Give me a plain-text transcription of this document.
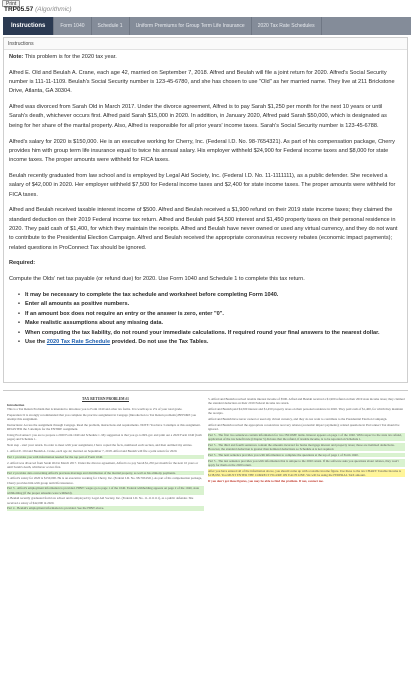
Print
TRP05.57 (Algorithmic)
Instructions	Form 1040	Schedule 1	Uniform Premiums for Group Term Life Insurance	2020 Tax Rate Schedules
Instructions

Note: This problem is for the 2020 tax year.

Alfred E. Old and Beulah A. Crane, each age 42, married on September 7, 2018. Alfred and Beulah will file a joint return for 2020. Alfred's Social Security number is 111-11-1109. Beulah's Social Security number is 123-45-6780, and she has chosen to use "Old" as her married name. They live at 211 Brickstone Drive, Atlanta, GA 30304.

Alfred was divorced from Sarah Old in March 2017. Under the divorce agreement, Alfred is to pay Sarah $1,250 per month for the next 10 years or until Sarah's death, whichever occurs first. Alfred paid Sarah $15,000 in 2020. In addition, in January 2020, Alfred paid Sarah $50,000, which is designated as being for her share of the marital property. Also, Alfred is responsible for all prior years' income taxes. Sarah's Social Security number is 123-45-6788.

Alfred's salary for 2020 is $150,000. He is an executive working for Cherry, Inc. (Federal I.D. No. 98-7654321). As part of his compensation package, Cherry provides him with group term life insurance equal to twice his annual salary. His employer withheld $24,900 for Federal income taxes and $8,000 for state income taxes. The proper amounts were withheld for FICA taxes.

Beulah recently graduated from law school and is employed by Legal Aid Society, Inc. (Federal I.D. No. 11-1111111), as a public defender. She received a salary of $42,000 in 2020. Her employer withheld $7,500 for Federal income taxes and $2,400 for state income taxes. The proper amounts were withheld for FICA taxes.

Alfred and Beulah received taxable interest income of $500. Alfred and Beulah received a $1,900 refund on their 2019 state income taxes; they claimed the standard deduction on their 2019 Federal income tax return. Alfred and Beulah paid $4,500 interest and $1,450 property taxes on their personal residence in 2020. They paid cash of $1,400, for which they maintain the receipts. Alfred and Beulah have never owned or used any virtual currency, and they do not want to contribute to the Presidential Election Campaign. Alfred and Beulah received the appropriate coronavirus recovery rebates (economic impact payments); related questions in ProConnect Tax should be ignored.

Required:

Compute the Olds' net tax payable (or refund due) for 2020. Use Form 1040 and Schedule 1 to complete this tax return.

• It may be necessary to complete the tax schedule and worksheet before completing Form 1040.
• Enter all amounts as positive numbers.
• If an amount box does not require an entry or the answer is zero, enter "0".
• Make realistic assumptions about any missing data.
• When computing the tax liability, do not round your immediate calculations. If required round your final answers to the nearest dollar.
• Use the 2020 Tax Rate Schedule provided. Do not use the Tax Tables.
TAX RETURN PROBLEM #1
Introduction
This is a Tax Return Problem that is intended to introduce you to Form 1040 and other tax forms. It is worth up to 2% of your total grade.
Preparation: It is strongly recommended that you complete the practice assignment in Cengage (Introduction to Tax Return problems) BEFORE you attempt this assignment.
Instructions: Access the assignment through Cengage. Read the problem, instructions and requirements. NOTE: You have 3 attempts at this assignment. REGISTER the 3 attempts for the ENTIRE assignment.
Using ProConnect: you are to prepare a 2020 Form 1040 and Schedule 1. My suggestion is that you go to IRS.gov and print out a 2020 Form 1040 (both pages) and Schedule 1.
Next step - start your return. In order to meet with your assignment, I have copied the facts, numbered each section, and then outlined my entries.
1. Alfred E. Old and Beulah A. Crane, each age 42, married on September 7, 2018. Alfred and Beulah will file a joint return for 2020.
Part 1 provides you with information needed for the top part of Form 1040.
2. Alfred was divorced from Sarah Old in March 2017. Under the divorce agreement, Alfred is to pay Sarah $1,250 per month for the next 10 years or until Sarah's death, whichever occurs first.
Part 2 provides data concerning Alfred's previous marriage and distribution of the marital property, as well as his alimony payments.
3. Alfred's salary for 2020 is $150,000. He is an executive working for Cherry, Inc. (Federal I.D. No. 98-7654321). As part of his compensation package, Cherry provides him with group term life insurance.
Part 3 - Alfred's employment information is provided. HINT: wages go to page 1 of the 1040. Federal withholding appears on page 2 of the 1040, state withholding (if the proper amounts were withheld).
4. Beulah recently graduated from law school and is employed by Legal Aid Society, Inc. (Federal I.D. No. 11-1111111), as a public defender. She received a salary of $42,000 in 2020.
Part 4 - Beulah's employment information is provided. See the HINT above.
5. Alfred and Beulah received taxable interest income of $500. Alfred and Beulah received a $1,900 refund on their 2019 state income taxes; they claimed the standard deduction on their 2019 Federal income tax return.
Alfred and Beulah paid $4,500 interest and $1,450 property taxes on their personal residence in 2020. They paid cash of $1,400, for which they maintain the receipts.
Alfred and Beulah have never owned or used any virtual currency, and they do not want to contribute to the Presidential Election Campaign.
Alfred and Beulah received the appropriate coronavirus recovery rebates (economic impact payments); related questions in ProConnect Tax should be ignored.
Part 5 - The first two sentences contain information for two INCOME items. Interest appears on page 1 of the 1040. With respect to the state tax refund, application of the tax benefit rule (Chapter 5) dictates that the refund, if taxable income, is to be reported on Schedule 1.
Part 5 - The third and fourth sentences contain the amounts incurred for home mortgage interest and property taxes; these are itemized deductions. However, the standard deduction is greater than itemized deductions so Schedule A is not required.
Part 5 - The next sentence provides you with information to complete the questions at the top of page 1 of Form 1040.
Part 5 - The last sentence provides you with information that is unique to the 2020 return. If the software asks you questions about rebates, they won't apply for them on the 2020 return.
After you have entered all of the information above, you should come up with a taxable income figure. Use these to the tax CHART: Taxable Income is $138,950. You MUST ENTER THE CORRECT FIGURE ON EACH LINE. We will be using the FEDERAL TAX amount.
If you don't get these figures, you may be able to find the problem. If not, contact me.
